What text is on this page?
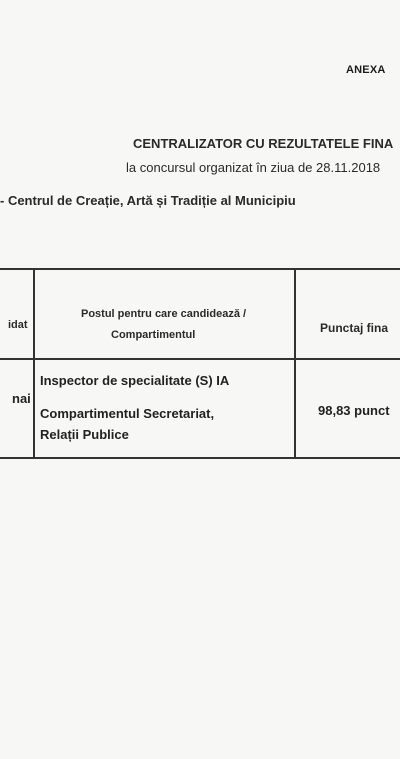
ANEXA
CENTRALIZATOR CU REZULTATELE FINA
la concursul organizat în ziua de 28.11.2018
- Centrul de Creație, Artă și Tradiție al Municipiu
idat
Postul pentru care candidează /
Compartimentul	Punctaj fina
nai
Inspector de specialitate (S) IA
Compartimentul Secretariat,
Relații Publice
98,83 punct
